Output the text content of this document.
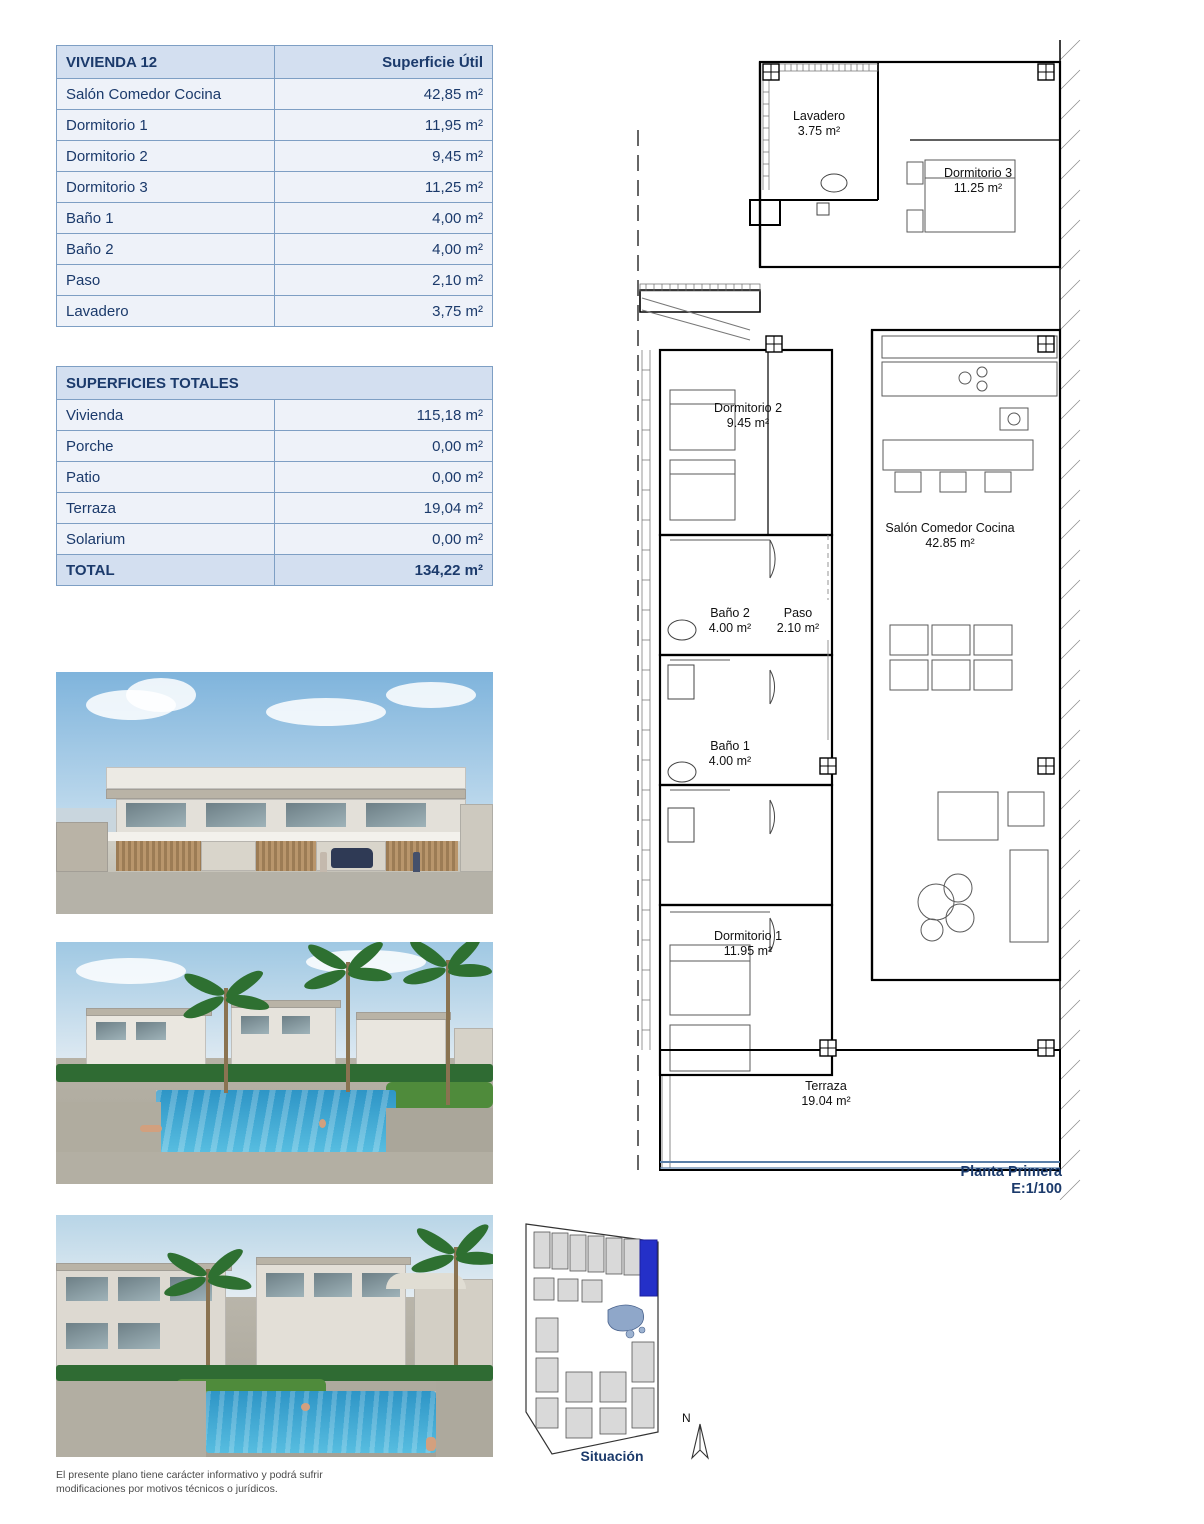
VIVIENDA 12	Superficie Útil
Salón Comedor Cocina	42,85 m²
Dormitorio 1	11,95 m²
Dormitorio 2	9,45 m²
Dormitorio 3	11,25 m²
Baño 1	4,00 m²
Baño 2	4,00 m²
Paso	2,10 m²
Lavadero	3,75 m²
SUPERFICIES TOTALES	
Vivienda	115,18 m²
Porche	0,00 m²
Patio	0,00 m²
Terraza	19,04 m²
Solarium	0,00 m²
TOTAL	134,22 m²
Lavadero
3.75 m²
Dormitorio 3
11.25 m²
Dormitorio 2
9.45 m²
Salón Comedor Cocina
42.85 m²
Baño 2
4.00 m²
Paso
2.10 m²
Baño 1
4.00 m²
Dormitorio 1
11.95 m²
Terraza
19.04 m²
Planta Primera
E:1/100
Situación
N
El presente plano tiene carácter informativo y podrá sufrir
modificaciones por motivos técnicos o jurídicos.
